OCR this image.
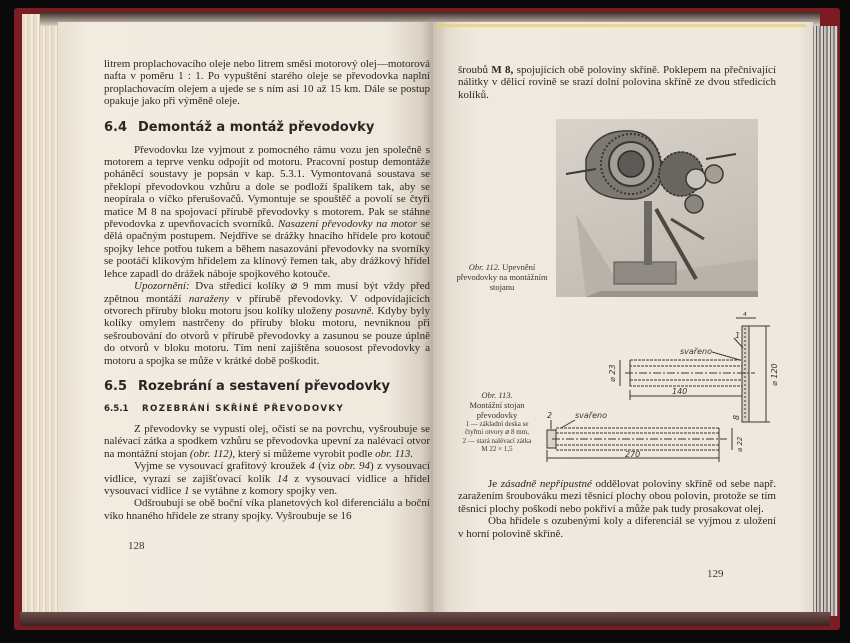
litrem proplachovacího oleje nebo litrem směsi motorový olej—motorová nafta v poměru 1 : 1. Po vypuštění starého oleje se převodovka naplní proplachovacím olejem a ujede se s ním asi 10 až 15 km. Dále se postup opakuje jako při výměně oleje.

6.4 Demontáž a montáž převodovky

Převodovku lze vyjmout z pomocného rámu vozu jen společně s motorem a teprve venku odpojit od motoru. Pracovní postup demontáže poháněcí soustavy je popsán v kap. 5.3.1. Vymontovaná soustava se překlopí převodovkou vzhůru a dole se podloží špalíkem tak, aby se neopírala o víčko přerušovačů. Vymontuje se spouštěč a povolí se čtyři matice M 8 na spojovací přírubě převodovky s motorem. Pak se stáhne převodovka z upevňovacích svorníků. Nasazení převodovky na motor se dělá opačným postupem. Nejdříve se drážky hnacího hřídele pro kotouč spojky lehce potřou tukem a během nasazování převodovky na svorníky se pootáčí klikovým hřídelem za klínový řemen tak, aby drážkový hřídel lehce zapadl do drážek náboje spojkového kotouče.

Upozornění: Dva středicí kolíky ⌀ 9 mm musí být vždy před zpětnou montáží naraženy v přírubě převodovky. V odpovídajících otvorech příruby bloku motoru jsou kolíky uloženy posuvně. Kdyby byly kolíky omylem nastrčeny do příruby bloku motoru, nevniknou při sešroubování do otvorů v přírubě převodovky a zasunou se pouze úplně do otvorů v bloku motoru. Tím není zajištěna souosost převodovky a motoru a spojka se může v krátké době poškodit.

6.5 Rozebrání a sestavení převodovky
6.5.1 ROZEBRÁNÍ SKŘÍNĚ PŘEVODOVKY

Z převodovky se vypustí olej, očistí se na povrchu, vyšroubuje se nalévací zátka a spodkem vzhůru se převodovka upevní za nalévací otvor na montážní stojan (obr. 112), který si můžeme vyrobit podle obr. 113.

Vyjme se vysouvací grafitový kroužek 4 (viz obr. 94) z vysouvací vidlice, vyrazí se zajišťovací kolík 14 z vysouvací vidlice a hřídel vysouvací vidlice 1 se vytáhne z komory spojky ven.

Odšroubují se obě boční víka planetových kol diferenciálu a boční víko hnaného hřídele ze strany spojky. Vyšroubuje se 16

128

šroubů M 8, spojujících obě poloviny skříně. Poklepem na přečnívající nálitky v dělicí rovině se srazí dolní polovina skříně ze dvou středicích kolíků.

Obr. 112. Upevnění převodovky na montážním stojanu
1
svařeno
140
⌀ 23	⌀ 120
8
4
2	svařeno
270
⌀ 22
Obr. 113.
Montážní stojan převodovky
1 — základní deska se čtyřmi otvory ⌀ 8 mm,
2 — stará nalévací zátka M 22 × 1,5

Je zásadně nepřípustné oddělovat poloviny skříně od sebe např. zaražením šroubováku mezi těsnicí plochy obou polovin, protože se tím těsnicí plochy poškodí nebo pokřiví a může pak tudy prosakovat olej.

Oba hřídele s ozubenými koly a diferenciál se vyjmou z uložení v horní polovině skříně.

129
